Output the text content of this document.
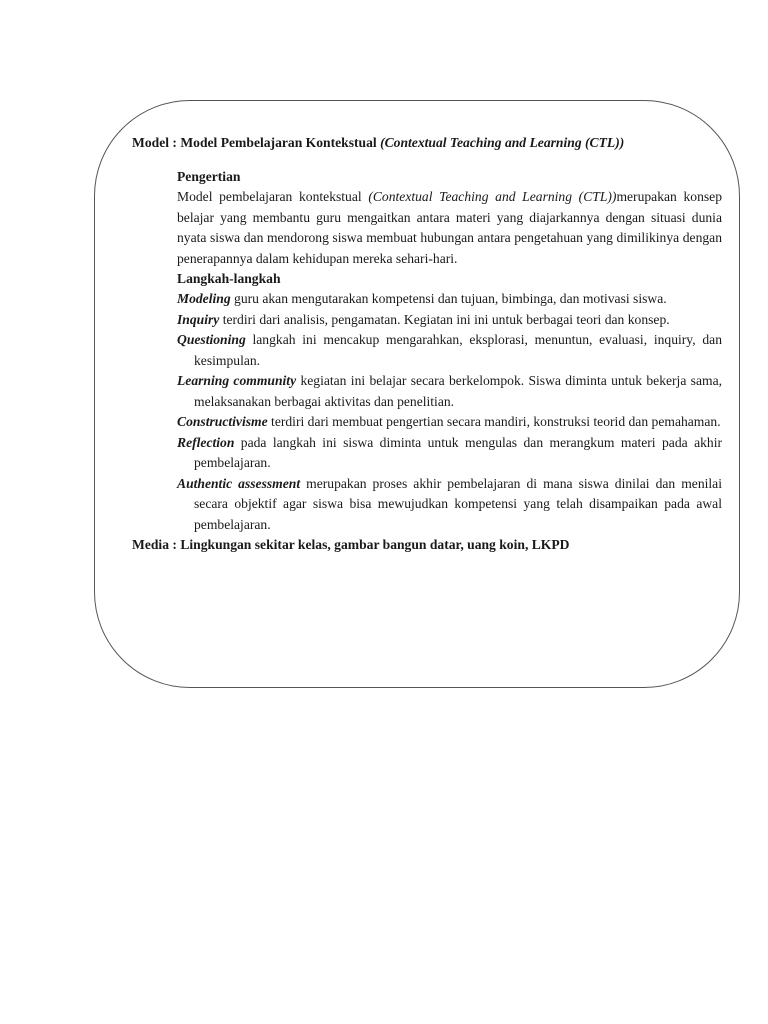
Model : Model Pembelajaran Kontekstual (Contextual Teaching and Learning (CTL))
Pengertian
Model pembelajaran kontekstual (Contextual Teaching and Learning (CTL))merupakan konsep belajar yang membantu guru mengaitkan antara materi yang diajarkannya dengan situasi dunia nyata siswa dan mendorong siswa membuat hubungan antara pengetahuan yang dimilikinya dengan penerapannya dalam kehidupan mereka sehari-hari.
Langkah-langkah
Modeling guru akan mengutarakan kompetensi dan tujuan, bimbinga, dan motivasi siswa.
Inquiry terdiri dari analisis, pengamatan. Kegiatan ini ini untuk berbagai teori dan konsep.
Questioning langkah ini mencakup mengarahkan, eksplorasi, menuntun, evaluasi, inquiry, dan kesimpulan.
Learning community kegiatan ini belajar secara berkelompok. Siswa diminta untuk bekerja sama, melaksanakan berbagai aktivitas dan penelitian.
Constructivisme terdiri dari membuat pengertian secara mandiri, konstruksi teorid dan pemahaman.
Reflection pada langkah ini siswa diminta untuk mengulas dan merangkum materi pada akhir pembelajaran.
Authentic assessment merupakan proses akhir pembelajaran di mana siswa dinilai dan menilai secara objektif agar siswa bisa mewujudkan kompetensi yang telah disampaikan pada awal pembelajaran.
Media : Lingkungan sekitar kelas, gambar bangun datar, uang koin, LKPD
